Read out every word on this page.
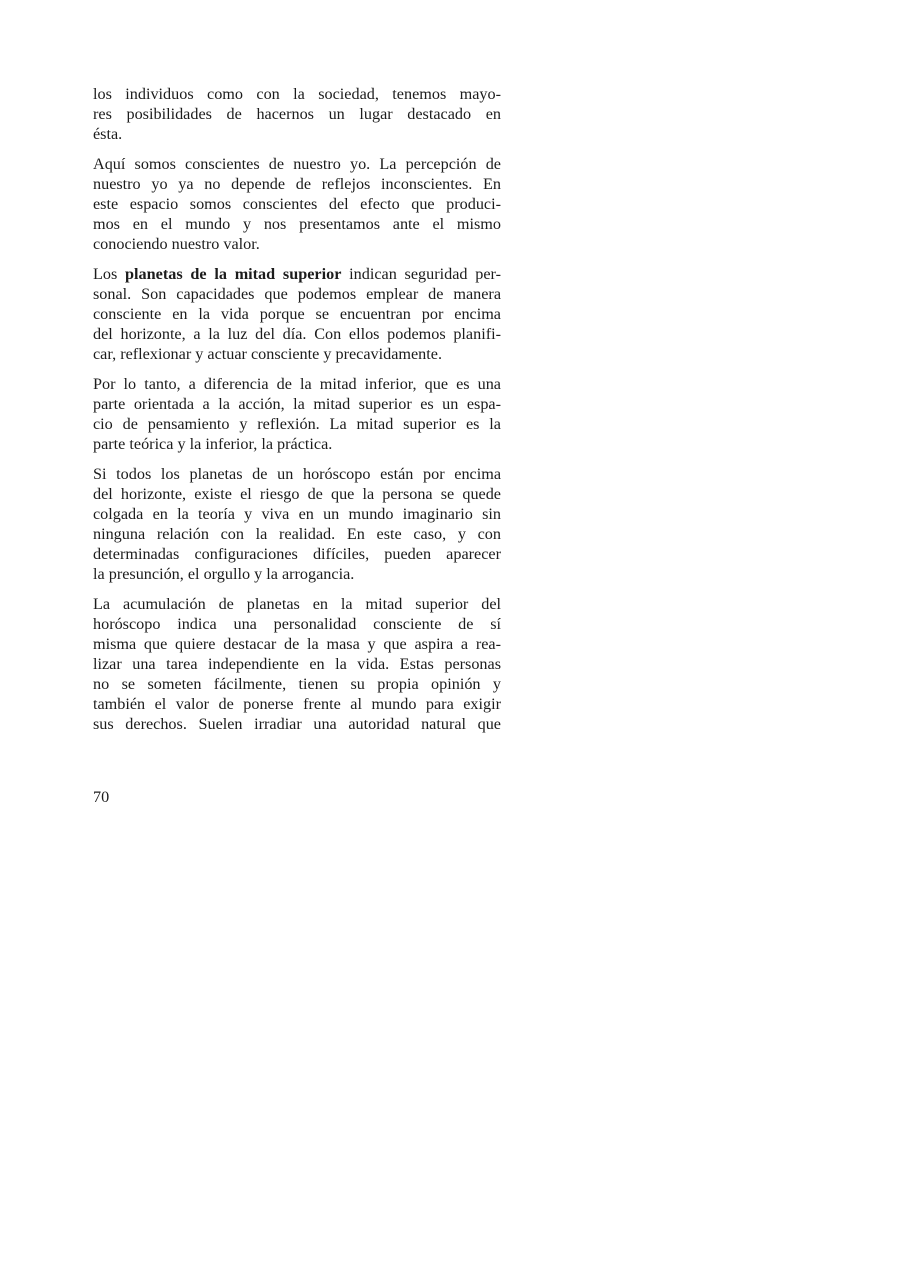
los individuos como con la sociedad, tenemos mayo-
res posibilidades de hacernos un lugar destacado en
ésta.

Aquí somos conscientes de nuestro yo. La percepción de
nuestro yo ya no depende de reflejos inconscientes. En
este espacio somos conscientes del efecto que produci-
mos en el mundo y nos presentamos ante el mismo
conociendo nuestro valor.

Los planetas de la mitad superior indican seguridad per-
sonal. Son capacidades que podemos emplear de manera
consciente en la vida porque se encuentran por encima
del horizonte, a la luz del día. Con ellos podemos planifi-
car, reflexionar y actuar consciente y precavidamente.

Por lo tanto, a diferencia de la mitad inferior, que es una
parte orientada a la acción, la mitad superior es un espa-
cio de pensamiento y reflexión. La mitad superior es la
parte teórica y la inferior, la práctica.

Si todos los planetas de un horóscopo están por encima
del horizonte, existe el riesgo de que la persona se quede
colgada en la teoría y viva en un mundo imaginario sin
ninguna relación con la realidad. En este caso, y con
determinadas configuraciones difíciles, pueden aparecer
la presunción, el orgullo y la arrogancia.

La acumulación de planetas en la mitad superior del
horóscopo indica una personalidad consciente de sí
misma que quiere destacar de la masa y que aspira a rea-
lizar una tarea independiente en la vida. Estas personas
no se someten fácilmente, tienen su propia opinión y
también el valor de ponerse frente al mundo para exigir
sus derechos. Suelen irradiar una autoridad natural que

70
